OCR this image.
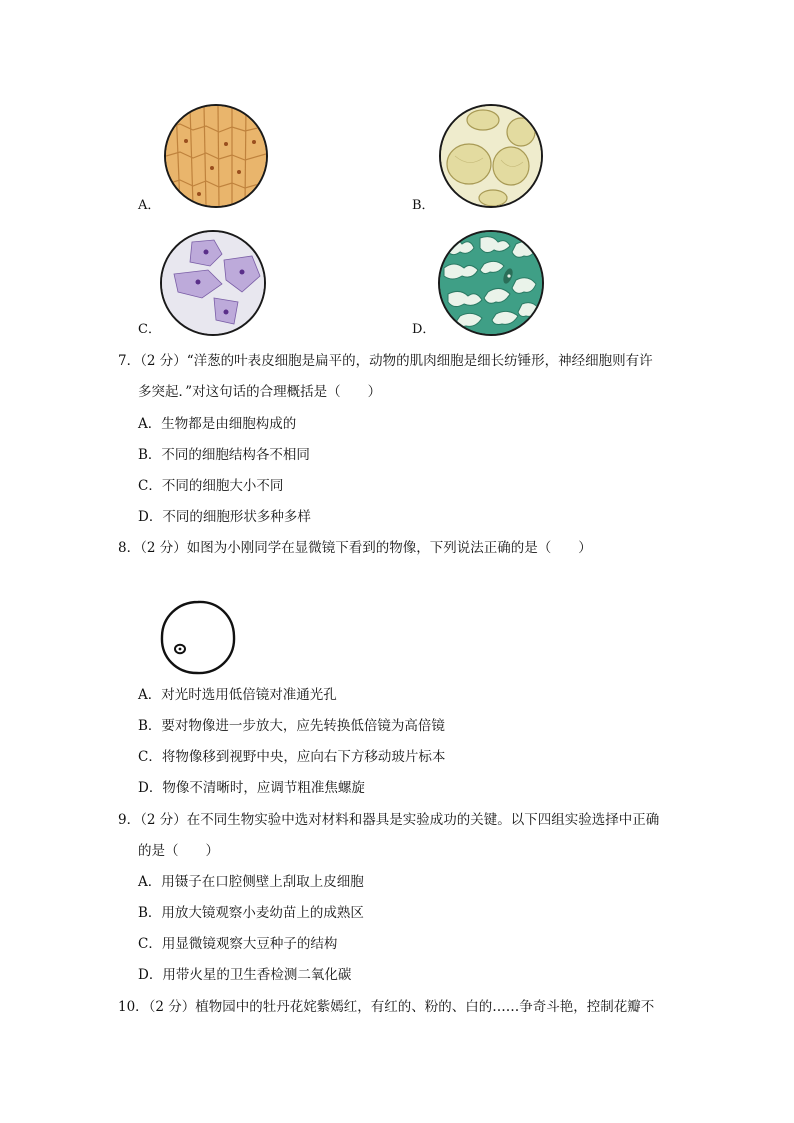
A．	B．
C．	D．
7．（2 分）“洋葱的叶表皮细胞是扁平的，动物的肌肉细胞是细长纺锤形，神经细胞则有许
多突起．”对这句话的合理概括是（　　）
A．生物都是由细胞构成的
B．不同的细胞结构各不相同
C．不同的细胞大小不同
D．不同的细胞形状多种多样
8．（2 分）如图为小刚同学在显微镜下看到的物像，下列说法正确的是（　　）
A．对光时选用低倍镜对准通光孔
B．要对物像进一步放大，应先转换低倍镜为高倍镜
C．将物像移到视野中央，应向右下方移动玻片标本
D．物像不清晰时，应调节粗准焦螺旋
9．（2 分）在不同生物实验中选对材料和器具是实验成功的关键。以下四组实验选择中正确
的是（　　）
A．用镊子在口腔侧壁上刮取上皮细胞
B．用放大镜观察小麦幼苗上的成熟区
C．用显微镜观察大豆种子的结构
D．用带火星的卫生香检测二氧化碳
10．（2 分）植物园中的牡丹花姹紫嫣红，有红的、粉的、白的……争奇斗艳，控制花瓣不
